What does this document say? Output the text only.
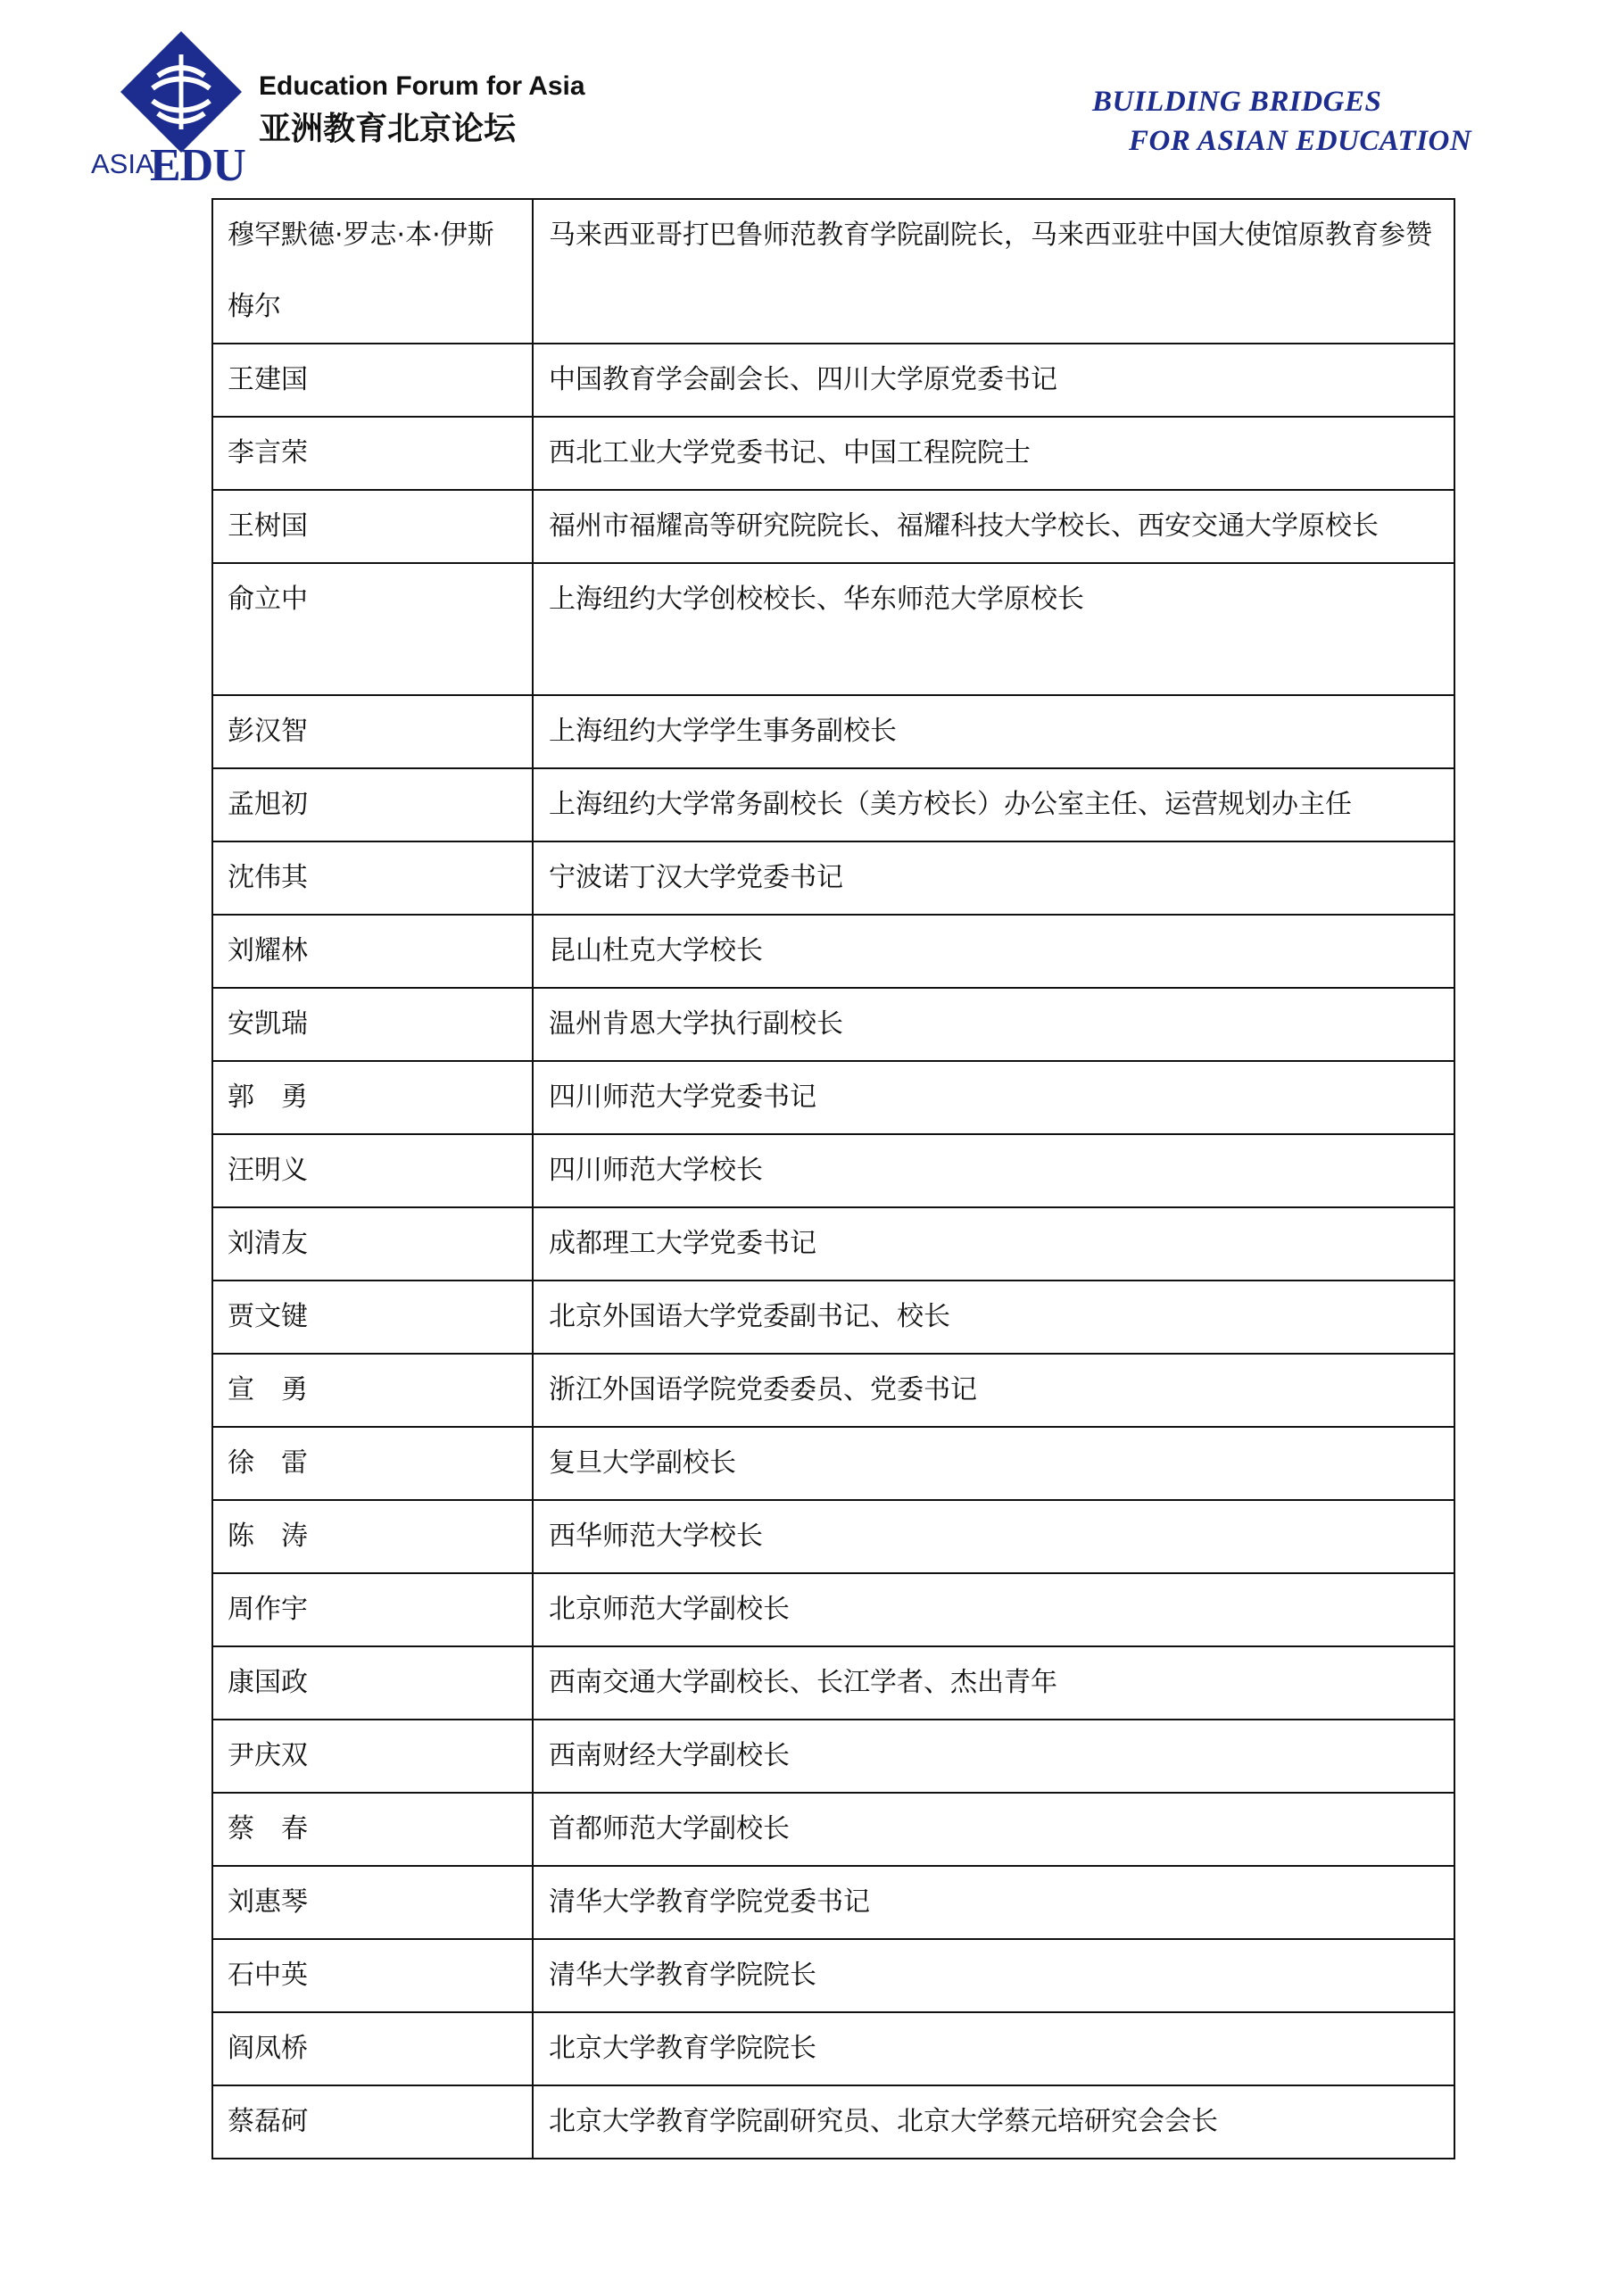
Education Forum for Asia
亚洲教育北京论坛
ASIA
EDU
BUILDING BRIDGES
FOR ASIAN EDUCATION
穆罕默德·罗志·本·伊斯梅尔	马来西亚哥打巴鲁师范教育学院副院长，马来西亚驻中国大使馆原教育参赞
王建国	中国教育学会副会长、四川大学原党委书记
李言荣	西北工业大学党委书记、中国工程院院士
王树国	福州市福耀高等研究院院长、福耀科技大学校长、西安交通大学原校长
俞立中	上海纽约大学创校校长、华东师范大学原校长
彭汉智	上海纽约大学学生事务副校长
孟旭初	上海纽约大学常务副校长（美方校长）办公室主任、运营规划办主任
沈伟其	宁波诺丁汉大学党委书记
刘耀林	昆山杜克大学校长
安凯瑞	温州肯恩大学执行副校长
郭　勇	四川师范大学党委书记
汪明义	四川师范大学校长
刘清友	成都理工大学党委书记
贾文键	北京外国语大学党委副书记、校长
宣　勇	浙江外国语学院党委委员、党委书记
徐　雷	复旦大学副校长
陈　涛	西华师范大学校长
周作宇	北京师范大学副校长
康国政	西南交通大学副校长、长江学者、杰出青年
尹庆双	西南财经大学副校长
蔡　春	首都师范大学副校长
刘惠琴	清华大学教育学院党委书记
石中英	清华大学教育学院院长
阎凤桥	北京大学教育学院院长
蔡磊砢	北京大学教育学院副研究员、北京大学蔡元培研究会会长
